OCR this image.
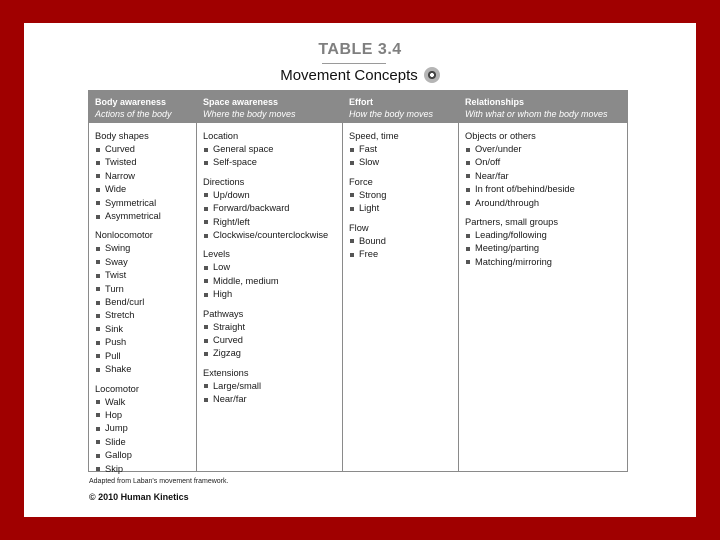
TABLE 3.4
Movement Concepts
Body awareness
Actions of the body
Body shapes
Curved
Twisted
Narrow
Wide
Symmetrical
Asymmetrical
Nonlocomotor
Swing
Sway
Twist
Turn
Bend/curl
Stretch
Sink
Push
Pull
Shake
Locomotor
Walk
Hop
Jump
Slide
Gallop
Skip
Space awareness
Where the body moves
Location
General space
Self-space
Directions
Up/down
Forward/backward
Right/left
Clockwise/counterclockwise
Levels
Low
Middle, medium
High
Pathways
Straight
Curved
Zigzag
Extensions
Large/small
Near/far
Effort
How the body moves
Speed, time
Fast
Slow
Force
Strong
Light
Flow
Bound
Free
Relationships
With what or whom the body moves
Objects or others
Over/under
On/off
Near/far
In front of/behind/beside
Around/through
Partners, small groups
Leading/following
Meeting/parting
Matching/mirroring
Adapted from Laban's movement framework.
© 2010 Human Kinetics
